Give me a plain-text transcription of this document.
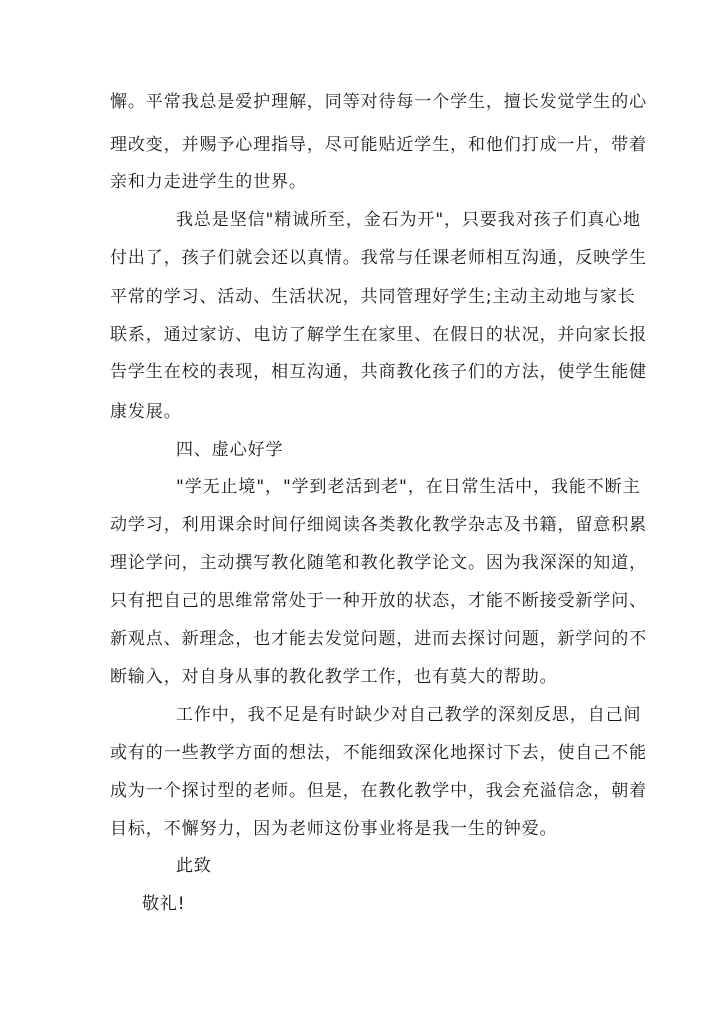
懈。平常我总是爱护理解，同等对待每一个学生，擅长发觉学生的心
理改变，并赐予心理指导，尽可能贴近学生，和他们打成一片，带着
亲和力走进学生的世界。
我总是坚信"精诚所至，金石为开"，只要我对孩子们真心地
付出了，孩子们就会还以真情。我常与任课老师相互沟通，反映学生
平常的学习、活动、生活状况，共同管理好学生;主动主动地与家长
联系，通过家访、电访了解学生在家里、在假日的状况，并向家长报
告学生在校的表现，相互沟通，共商教化孩子们的方法，使学生能健
康发展。
四、虚心好学
"学无止境"，"学到老活到老"，在日常生活中，我能不断主
动学习，利用课余时间仔细阅读各类教化教学杂志及书籍，留意积累
理论学问，主动撰写教化随笔和教化教学论文。因为我深深的知道，
只有把自己的思维常常处于一种开放的状态，才能不断接受新学问、
新观点、新理念，也才能去发觉问题，进而去探讨问题，新学问的不
断输入，对自身从事的教化教学工作，也有莫大的帮助。
工作中，我不足是有时缺少对自己教学的深刻反思，自己间
或有的一些教学方面的想法，不能细致深化地探讨下去，使自己不能
成为一个探讨型的老师。但是，在教化教学中，我会充溢信念，朝着
目标，不懈努力，因为老师这份事业将是我一生的钟爱。
此致
敬礼!
